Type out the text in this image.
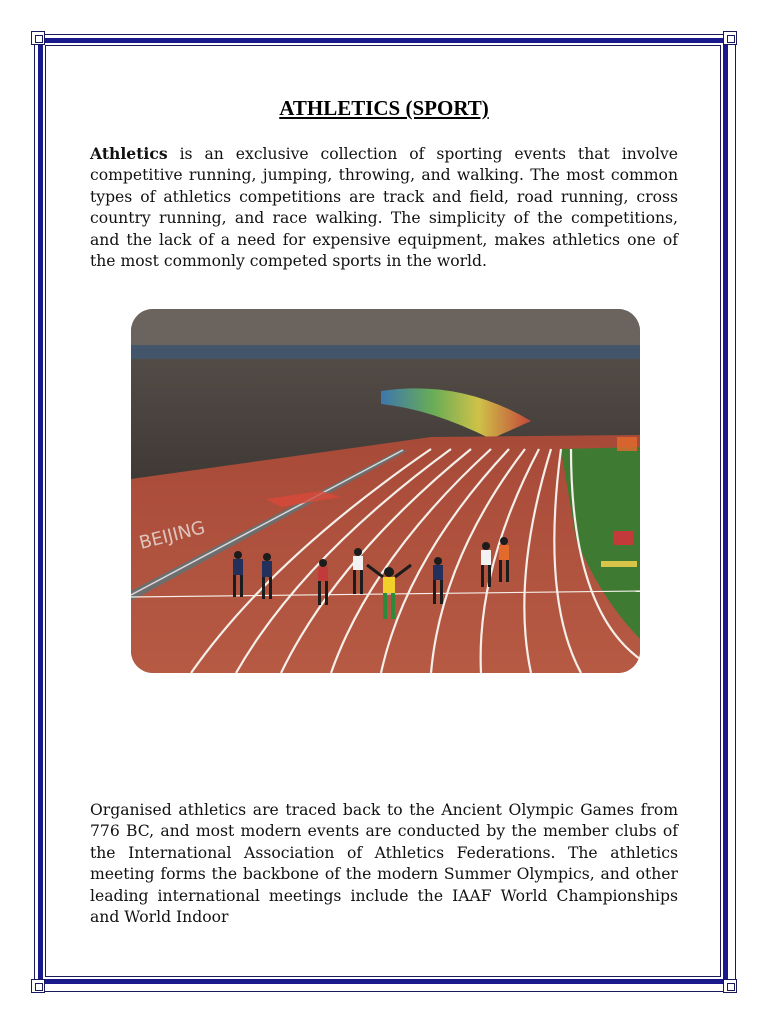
ATHLETICS (SPORT)
Athletics is an exclusive collection of sporting events that involve competitive running, jumping, throwing, and walking. The most common types of athletics competitions are track and field, road running, cross country running, and race walking. The simplicity of the competitions, and the lack of a need for expensive equipment, makes athletics one of the most commonly competed sports in the world.
BEIJING
Organised athletics are traced back to the Ancient Olympic Games from 776 BC, and most modern events are conducted by the member clubs of the International Association of Athletics Federations. The athletics meeting forms the backbone of the modern Summer Olympics, and other leading international meetings include the IAAF World Championships and World Indoor
